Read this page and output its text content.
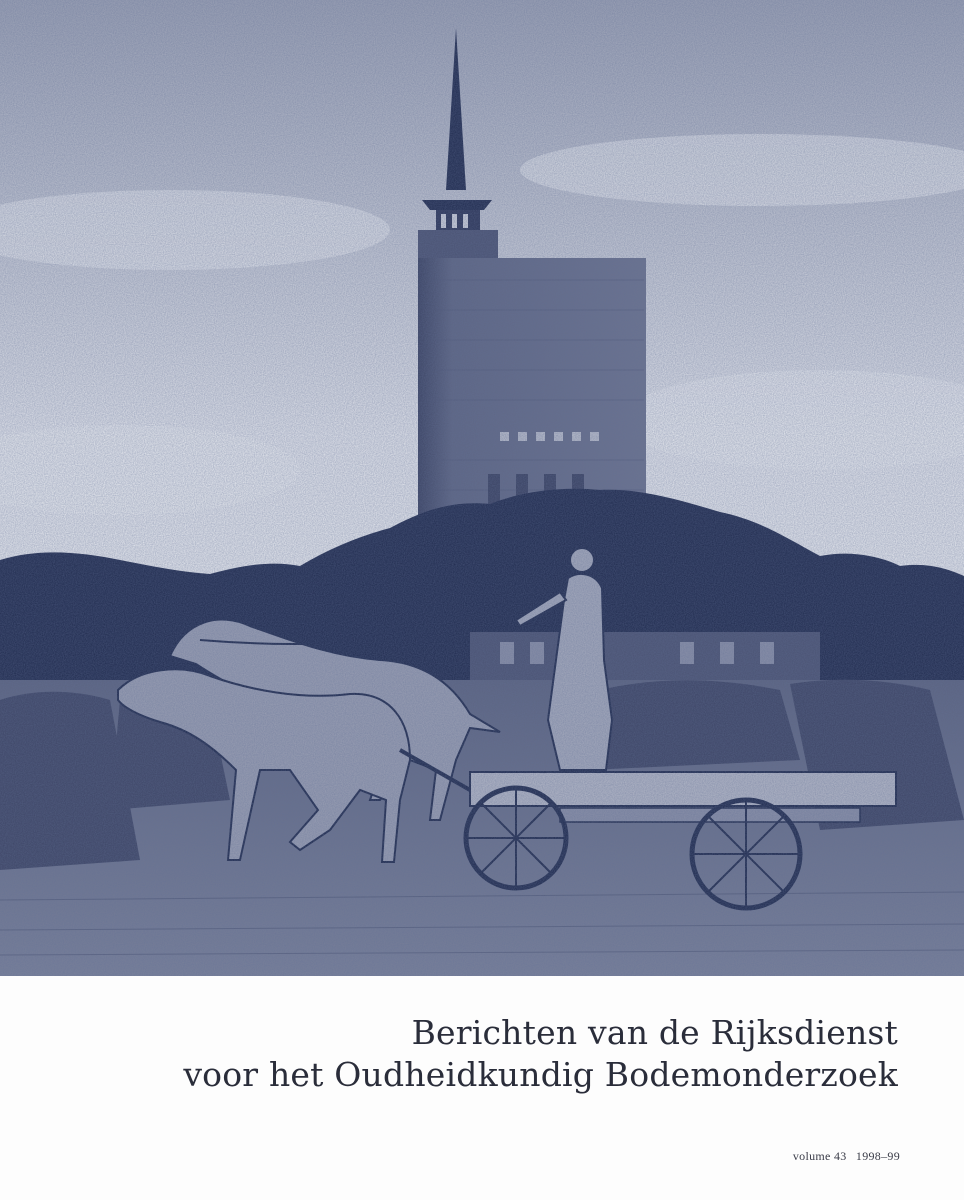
Berichten van de Rijksdienst
voor het Oudheidkundig Bodemonderzoek
volume 43 1998–99
